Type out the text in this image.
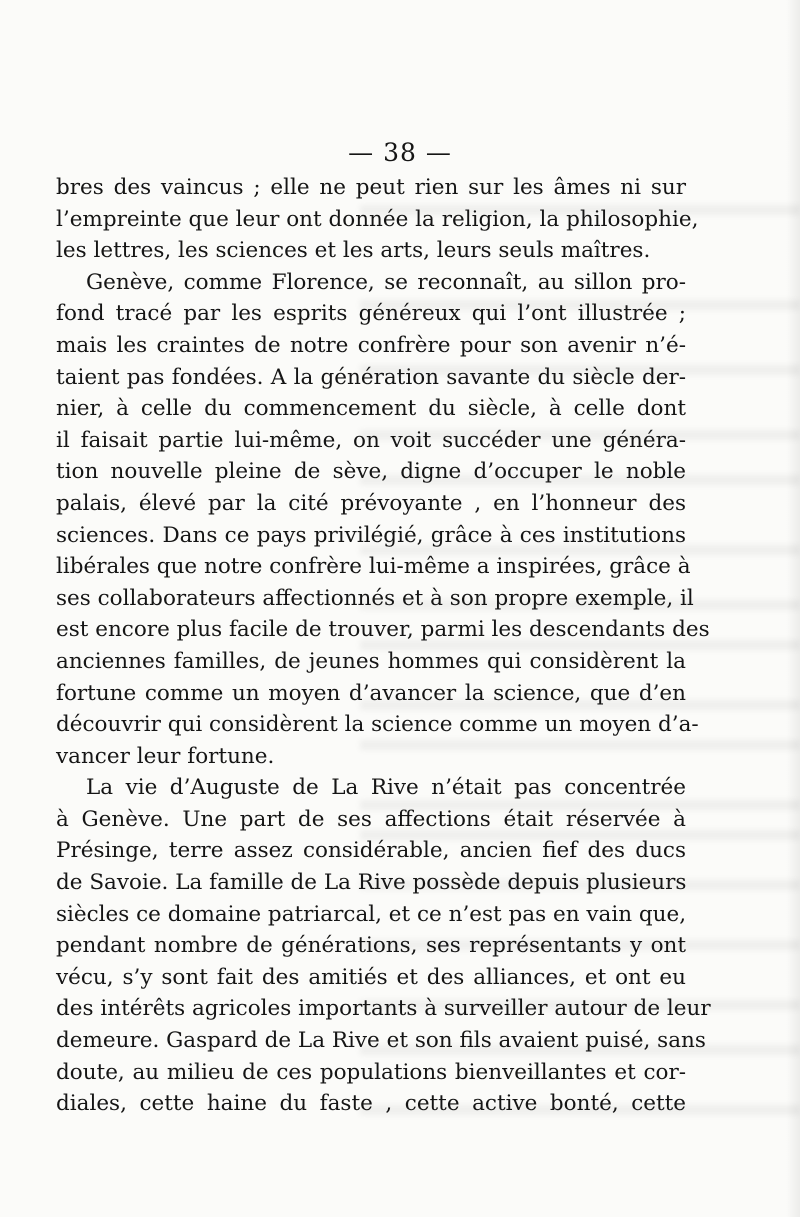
— 38 —
bres des vaincus ; elle ne peut rien sur les âmes ni sur
l’empreinte que leur ont donnée la religion, la philosophie,
les lettres, les sciences et les arts, leurs seuls maîtres.
Genève, comme Florence, se reconnaît, au sillon pro-
fond tracé par les esprits généreux qui l’ont illustrée ;
mais les craintes de notre confrère pour son avenir n’é-
taient pas fondées. A la génération savante du siècle der-
nier, à celle du commencement du siècle, à celle dont
il faisait partie lui-même, on voit succéder une généra-
tion nouvelle pleine de sève, digne d’occuper le noble
palais, élevé par la cité prévoyante , en l’honneur des
sciences. Dans ce pays privilégié, grâce à ces institutions
libérales que notre confrère lui-même a inspirées, grâce à
ses collaborateurs affectionnés et à son propre exemple, il
est encore plus facile de trouver, parmi les descendants des
anciennes familles, de jeunes hommes qui considèrent la
fortune comme un moyen d’avancer la science, que d’en
découvrir qui considèrent la science comme un moyen d’a-
vancer leur fortune.
La vie d’Auguste de La Rive n’était pas concentrée
à Genève. Une part de ses affections était réservée à
Présinge, terre assez considérable, ancien fief des ducs
de Savoie. La famille de La Rive possède depuis plusieurs
siècles ce domaine patriarcal, et ce n’est pas en vain que,
pendant nombre de générations, ses représentants y ont
vécu, s’y sont fait des amitiés et des alliances, et ont eu
des intérêts agricoles importants à surveiller autour de leur
demeure. Gaspard de La Rive et son fils avaient puisé, sans
doute, au milieu de ces populations bienveillantes et cor-
diales, cette haine du faste , cette active bonté, cette
